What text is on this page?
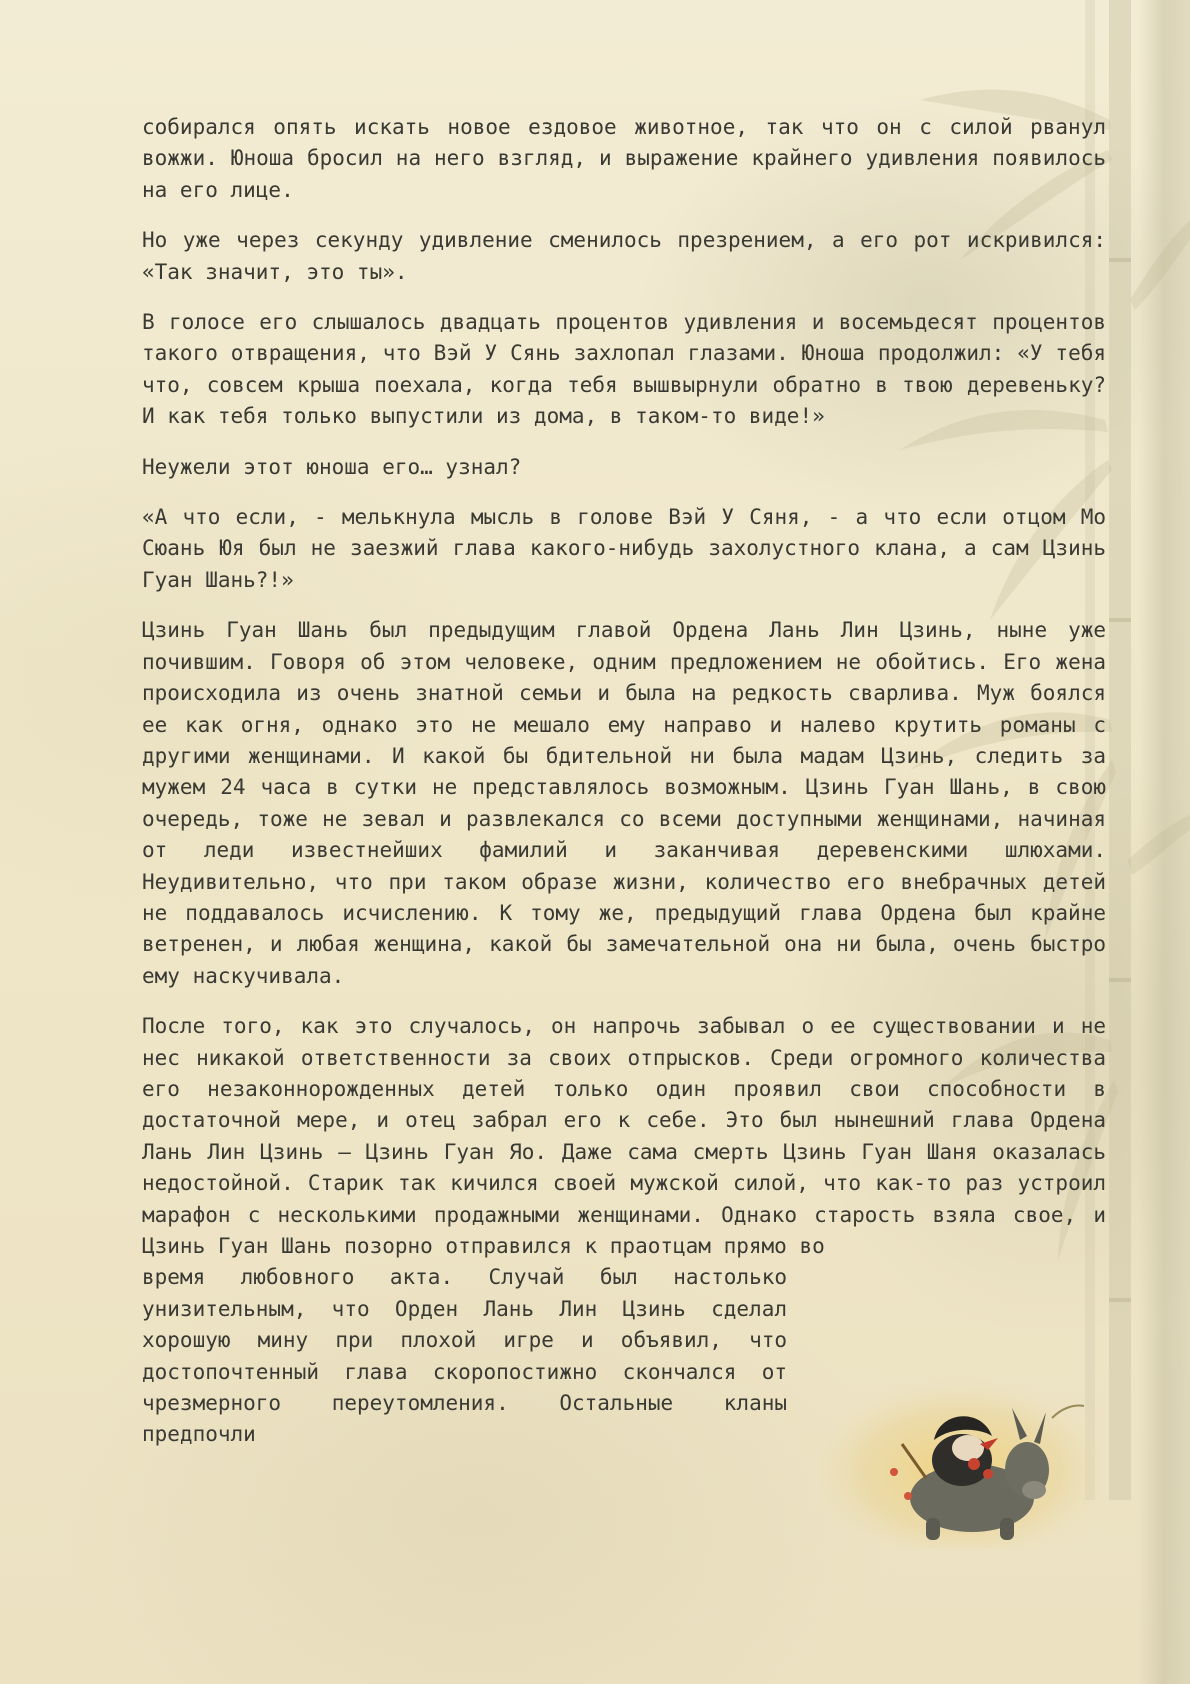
собирался опять искать новое ездовое животное, так что он с силой рванул вожжи. Юноша бросил на него взгляд, и выражение крайнего удивления появилось на его лице.

Но уже через секунду удивление сменилось презрением, а его рот искривился: «Так значит, это ты».

В голосе его слышалось двадцать процентов удивления и восемьдесят процентов такого отвращения, что Вэй У Сянь захлопал глазами. Юноша продолжил: «У тебя что, совсем крыша поехала, когда тебя вышвырнули обратно в твою деревеньку? И как тебя только выпустили из дома, в таком-то виде!»

Неужели этот юноша его… узнал?

«А что если, - мелькнула мысль в голове Вэй У Сяня, - а что если отцом Мо Сюань Юя был не заезжий глава какого-нибудь захолустного клана, а сам Цзинь Гуан Шань?!»

Цзинь Гуан Шань был предыдущим главой Ордена Лань Лин Цзинь, ныне уже почившим. Говоря об этом человеке, одним предложением не обойтись. Его жена происходила из очень знатной семьи и была на редкость сварлива. Муж боялся ее как огня, однако это не мешало ему направо и налево крутить романы с другими женщинами. И какой бы бдительной ни была мадам Цзинь, следить за мужем 24 часа в сутки не представлялось возможным. Цзинь Гуан Шань, в свою очередь, тоже не зевал и развлекался со всеми доступными женщинами, начиная от леди известнейших фамилий и заканчивая деревенскими шлюхами. Неудивительно, что при таком образе жизни, количество его внебрачных детей не поддавалось исчислению. К тому же, предыдущий глава Ордена был крайне ветренен, и любая женщина, какой бы замечательной она ни была, очень быстро ему наскучивала.

После того, как это случалось, он напрочь забывал о ее существовании и не нес никакой ответственности за своих отпрысков. Среди огромного количества его незаконнорожденных детей только один проявил свои способности в достаточной мере, и отец забрал его к себе. Это был нынешний глава Ордена Лань Лин Цзинь – Цзинь Гуан Яо. Даже сама смерть Цзинь Гуан Шаня оказалась недостойной. Старик так кичился своей мужской силой, что как-то раз устроил марафон с несколькими продажными женщинами. Однако старость взяла свое, и Цзинь Гуан Шань позорно отправился к праотцам прямо во

время любовного акта. Случай был настолько унизительным, что Орден Лань Лин Цзинь сделал хорошую мину при плохой игре и объявил, что достопочтенный глава скоропостижно скончался от чрезмерного переутомления. Остальные кланы предпочли
